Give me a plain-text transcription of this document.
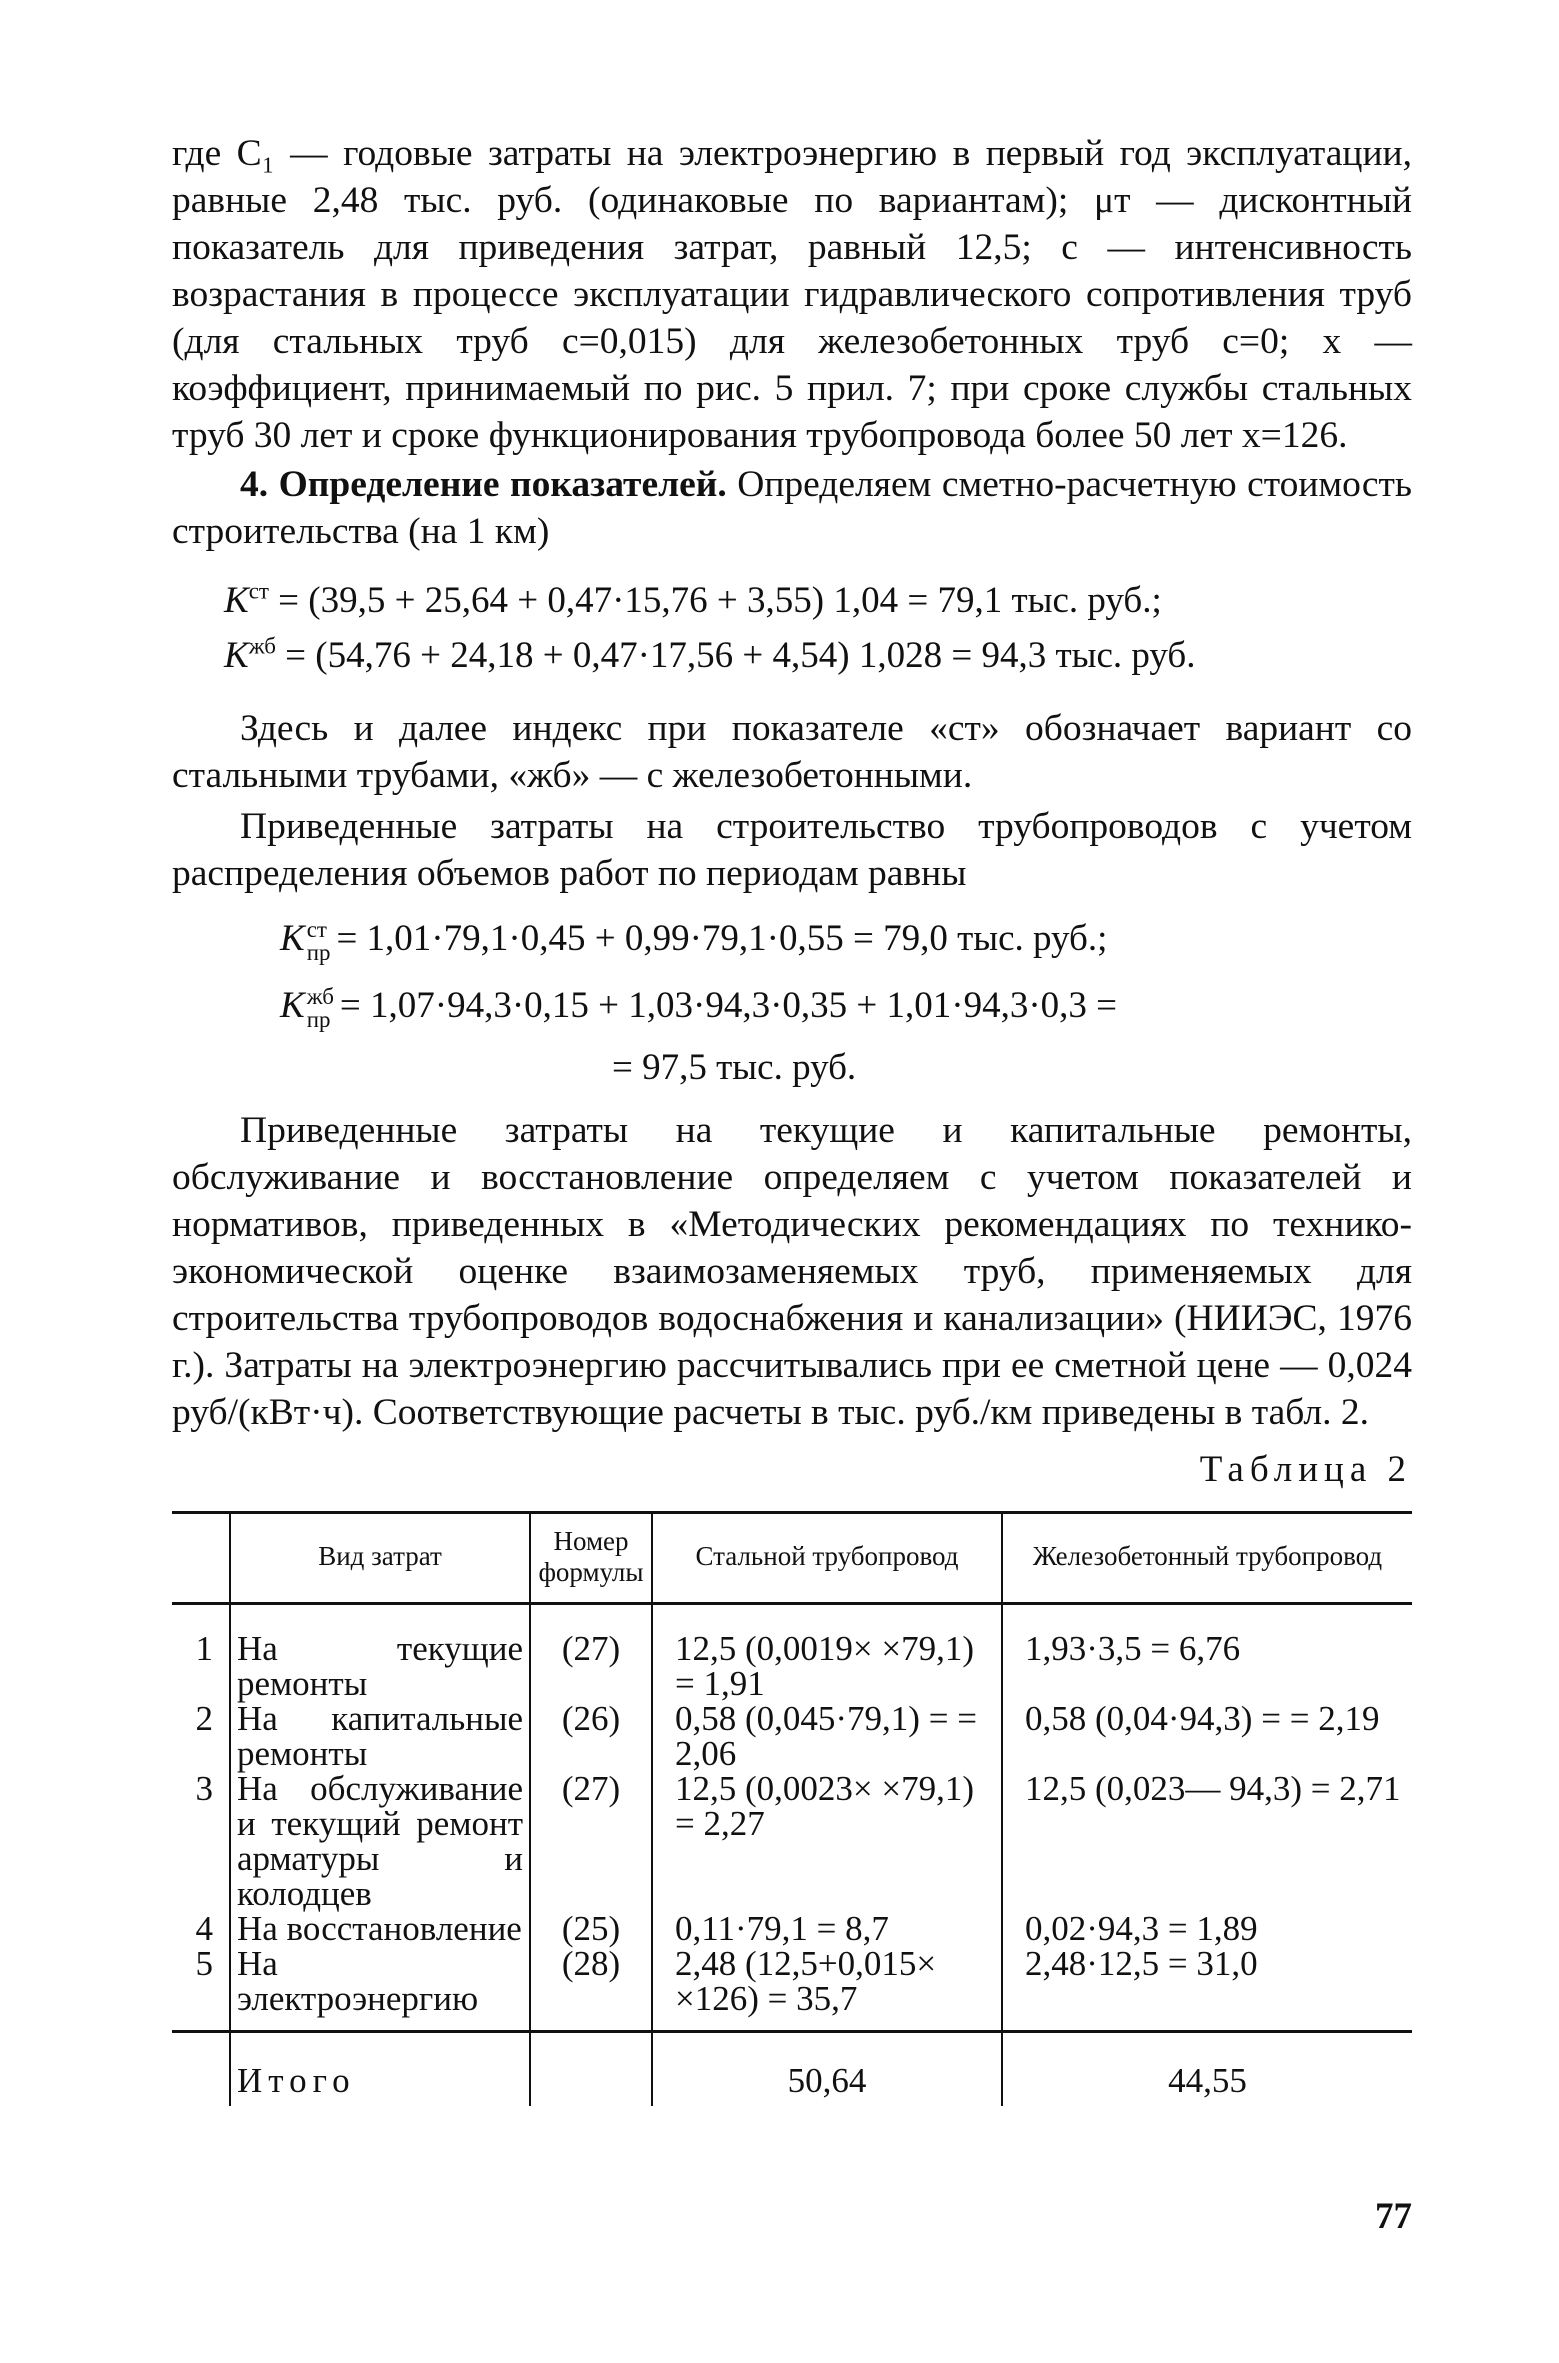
где C₁ — годовые затраты на электроэнергию в первый год эксплуатации, равные 2,48 тыс. руб. (одинаковые по вариантам); μт — дисконтный показатель для приведения затрат, равный 12,5; c — интенсивность возрастания в процессе эксплуатации гидравлического сопротивления труб (для стальных труб c=0,015) для железобетонных труб c=0; x — коэффициент, принимаемый по рис. 5 прил. 7; при сроке службы стальных труб 30 лет и сроке функционирования трубопровода более 50 лет x=126.

4. Определение показателей. Определяем сметно-расчетную стоимость строительства (на 1 км)

$K^{ст} = (39,5 + 25,64 + 0,47\cdot 15,76 + 3,55) 1,04 = 79,1$ тыс. руб.;

$K^{жб} = (54,76 + 24,18 + 0,47\cdot 17,56 + 4,54) 1,028 = 94,3$ тыс. руб.

Здесь и далее индекс при показателе «ст» обозначает вариант со стальными трубами, «жб» — с железобетонными.

Приведенные затраты на строительство трубопроводов с учетом распределения объемов работ по периодам равны

K ст
пр = 1,01·79,1·0,45 + 0,99·79,1·0,55 = 79,0 тыс. руб.;

K жб
пр = 1,07·94,3·0,15 + 1,03·94,3·0,35 + 1,01·94,3·0,3 =

= 97,5 тыс. руб.

Приведенные затраты на текущие и капитальные ремонты, обслуживание и восстановление определяем с учетом показателей и нормативов, приведенных в «Методических рекомендациях по технико-экономической оценке взаимозаменяемых труб, применяемых для строительства трубопроводов водоснабжения и канализации» (НИИЭС, 1976 г.). Затраты на электроэнергию рассчитывались при ее сметной цене — 0,024 руб/(кВт·ч). Соответствующие расчеты в тыс. руб./км приведены в табл. 2.

Таблица 2
	Вид затрат	Номер формулы	Стальной трубопровод	Железобетонный трубопровод
1	На текущие ремонты	(27)	12,5 (0,0019× ×79,1) = 1,91	1,93·3,5 = 6,76
2	На капитальные ремонты	(26)	0,58 (0,045·79,1) = = 2,06	0,58 (0,04·94,3) = = 2,19
3	На обслуживание и текущий ремонт арматуры и колодцев	(27)	12,5 (0,0023× ×79,1) = 2,27	12,5 (0,023— 94,3) = 2,71
4	На восстановление	(25)	0,11·79,1 = 8,7	0,02·94,3 = 1,89
5	На электроэнергию	(28)	2,48 (12,5+0,015× ×126) = 35,7	2,48·12,5 = 31,0
	Итого		50,64	44,55
77
